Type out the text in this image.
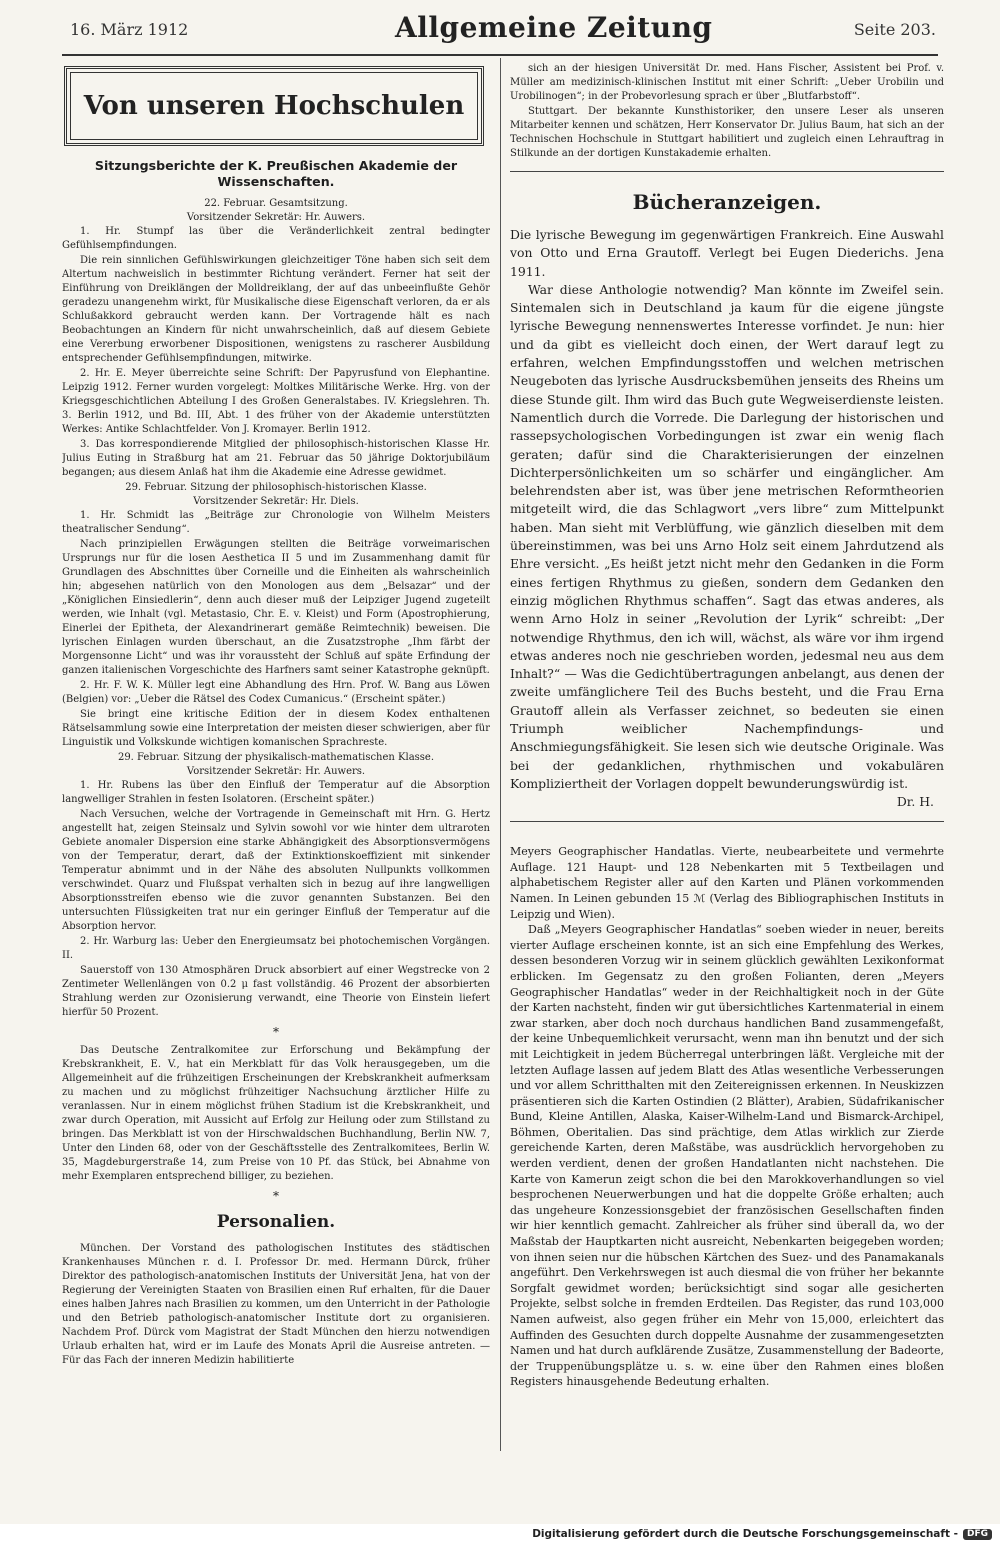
16. März 1912	Allgemeine Zeitung	Seite 203.
Von unseren Hochschulen
Sitzungsberichte der K. Preußischen Akademie der Wissenschaften.

22. Februar. Gesamtsitzung.

Vorsitzender Sekretär: Hr. Auwers.

1. Hr. Stumpf las über die Veränderlichkeit zentral bedingter Gefühlsempfindungen.

Die rein sinnlichen Gefühlswirkungen gleichzeitiger Töne haben sich seit dem Altertum nachweislich in bestimmter Richtung verändert. Ferner hat seit der Einführung von Dreiklängen der Molldreiklang, der auf das unbeeinflußte Gehör geradezu unangenehm wirkt, für Musikalische diese Eigenschaft verloren, da er als Schlußakkord gebraucht werden kann. Der Vortragende hält es nach Beobachtungen an Kindern für nicht unwahrscheinlich, daß auf diesem Gebiete eine Vererbung erworbener Dispositionen, wenigstens zu rascherer Ausbildung entsprechender Gefühlsempfindungen, mitwirke.

2. Hr. E. Meyer überreichte seine Schrift: Der Papyrusfund von Elephantine. Leipzig 1912. Ferner wurden vorgelegt: Moltkes Militärische Werke. Hrg. von der Kriegsgeschichtlichen Abteilung I des Großen Generalstabes. IV. Kriegslehren. Th. 3. Berlin 1912, und Bd. III, Abt. 1 des früher von der Akademie unterstützten Werkes: Antike Schlachtfelder. Von J. Kromayer. Berlin 1912.

3. Das korrespondierende Mitglied der philosophisch-historischen Klasse Hr. Julius Euting in Straßburg hat am 21. Februar das 50 jährige Doktorjubiläum begangen; aus diesem Anlaß hat ihm die Akademie eine Adresse gewidmet.

29. Februar. Sitzung der philosophisch-historischen Klasse.

Vorsitzender Sekretär: Hr. Diels.

1. Hr. Schmidt las „Beiträge zur Chronologie von Wilhelm Meisters theatralischer Sendung“.

Nach prinzipiellen Erwägungen stellten die Beiträge vorweimarischen Ursprungs nur für die losen Aesthetica II 5 und im Zusammenhang damit für Grundlagen des Abschnittes über Corneille und die Einheiten als wahrscheinlich hin; abgesehen natürlich von den Monologen aus dem „Belsazar“ und der „Königlichen Einsiedlerin“, denn auch dieser muß der Leipziger Jugend zugeteilt werden, wie Inhalt (vgl. Metastasio, Chr. E. v. Kleist) und Form (Apostrophierung, Einerlei der Epitheta, der Alexandrinerart gemäße Reimtechnik) beweisen. Die lyrischen Einlagen wurden überschaut, an die Zusatzstrophe „Ihm färbt der Morgensonne Licht“ und was ihr voraussteht der Schluß auf späte Erfindung der ganzen italienischen Vorgeschichte des Harfners samt seiner Katastrophe geknüpft.

2. Hr. F. W. K. Müller legt eine Abhandlung des Hrn. Prof. W. Bang aus Löwen (Belgien) vor: „Ueber die Rätsel des Codex Cumanicus.“ (Erscheint später.)

Sie bringt eine kritische Edition der in diesem Kodex enthaltenen Rätselsammlung sowie eine Interpretation der meisten dieser schwierigen, aber für Linguistik und Volkskunde wichtigen komanischen Sprachreste.

29. Februar. Sitzung der physikalisch-mathematischen Klasse.

Vorsitzender Sekretär: Hr. Auwers.

1. Hr. Rubens las über den Einfluß der Temperatur auf die Absorption langwelliger Strahlen in festen Isolatoren. (Erscheint später.)

Nach Versuchen, welche der Vortragende in Gemeinschaft mit Hrn. G. Hertz angestellt hat, zeigen Steinsalz und Sylvin sowohl vor wie hinter dem ultraroten Gebiete anomaler Dispersion eine starke Abhängigkeit des Absorptionsvermögens von der Temperatur, derart, daß der Extinktionskoeffizient mit sinkender Temperatur abnimmt und in der Nähe des absoluten Nullpunkts vollkommen verschwindet. Quarz und Flußspat verhalten sich in bezug auf ihre langwelligen Absorptionsstreifen ebenso wie die zuvor genannten Substanzen. Bei den untersuchten Flüssigkeiten trat nur ein geringer Einfluß der Temperatur auf die Absorption hervor.

2. Hr. Warburg las: Ueber den Energieumsatz bei photochemischen Vorgängen. II.

Sauerstoff von 130 Atmosphären Druck absorbiert auf einer Wegstrecke von 2 Zentimeter Wellenlängen von 0.2 μ fast vollständig. 46 Prozent der absorbierten Strahlung werden zur Ozonisierung verwandt, eine Theorie von Einstein liefert hierfür 50 Prozent.

*

Das Deutsche Zentralkomitee zur Erforschung und Bekämpfung der Krebskrankheit, E. V., hat ein Merkblatt für das Volk herausgegeben, um die Allgemeinheit auf die frühzeitigen Erscheinungen der Krebskrankheit aufmerksam zu machen und zu möglichst frühzeitiger Nachsuchung ärztlicher Hilfe zu veranlassen. Nur in einem möglichst frühen Stadium ist die Krebskrankheit, und zwar durch Operation, mit Aussicht auf Erfolg zur Heilung oder zum Stillstand zu bringen. Das Merkblatt ist von der Hirschwaldschen Buchhandlung, Berlin NW. 7, Unter den Linden 68, oder von der Geschäftsstelle des Zentralkomitees, Berlin W. 35, Magdeburgerstraße 14, zum Preise von 10 Pf. das Stück, bei Abnahme von mehr Exemplaren entsprechend billiger, zu beziehen.

*
Personalien.

München. Der Vorstand des pathologischen Institutes des städtischen Krankenhauses München r. d. I. Professor Dr. med. Hermann Dürck, früher Direktor des pathologisch-anatomischen Instituts der Universität Jena, hat von der Regierung der Vereinigten Staaten von Brasilien einen Ruf erhalten, für die Dauer eines halben Jahres nach Brasilien zu kommen, um den Unterricht in der Pathologie und den Betrieb pathologisch-anatomischer Institute dort zu organisieren. Nachdem Prof. Dürck vom Magistrat der Stadt München den hierzu notwendigen Urlaub erhalten hat, wird er im Laufe des Monats April die Ausreise antreten. — Für das Fach der inneren Medizin habilitierte

sich an der hiesigen Universität Dr. med. Hans Fischer, Assistent bei Prof. v. Müller am medizinisch-klinischen Institut mit einer Schrift: „Ueber Urobilin und Urobilinogen“; in der Probevorlesung sprach er über „Blutfarbstoff“.

Stuttgart. Der bekannte Kunsthistoriker, den unsere Leser als unseren Mitarbeiter kennen und schätzen, Herr Konservator Dr. Julius Baum, hat sich an der Technischen Hochschule in Stuttgart habilitiert und zugleich einen Lehrauftrag in Stilkunde an der dortigen Kunstakademie erhalten.

Bücheranzeigen.

Die lyrische Bewegung im gegenwärtigen Frankreich. Eine Auswahl von Otto und Erna Grautoff. Verlegt bei Eugen Diederichs. Jena 1911.

War diese Anthologie notwendig? Man könnte im Zweifel sein. Sintemalen sich in Deutschland ja kaum für die eigene jüngste lyrische Bewegung nennenswertes Interesse vorfindet. Je nun: hier und da gibt es vielleicht doch einen, der Wert darauf legt zu erfahren, welchen Empfindungsstoffen und welchen metrischen Neugeboten das lyrische Ausdrucksbemühen jenseits des Rheins um diese Stunde gilt. Ihm wird das Buch gute Wegweiserdienste leisten. Namentlich durch die Vorrede. Die Darlegung der historischen und rassepsychologischen Vorbedingungen ist zwar ein wenig flach geraten; dafür sind die Charakterisierungen der einzelnen Dichterpersönlichkeiten um so schärfer und eingänglicher. Am belehrendsten aber ist, was über jene metrischen Reformtheorien mitgeteilt wird, die das Schlagwort „vers libre“ zum Mittelpunkt haben. Man sieht mit Verblüffung, wie gänzlich dieselben mit dem übereinstimmen, was bei uns Arno Holz seit einem Jahrdutzend als Ehre versicht. „Es heißt jetzt nicht mehr den Gedanken in die Form eines fertigen Rhythmus zu gießen, sondern dem Gedanken den einzig möglichen Rhythmus schaffen“. Sagt das etwas anderes, als wenn Arno Holz in seiner „Revolution der Lyrik“ schreibt: „Der notwendige Rhythmus, den ich will, wächst, als wäre vor ihm irgend etwas anderes noch nie geschrieben worden, jedesmal neu aus dem Inhalt?“ — Was die Gedichtübertragungen anbelangt, aus denen der zweite umfänglichere Teil des Buchs besteht, und die Frau Erna Grautoff allein als Verfasser zeichnet, so bedeuten sie einen Triumph weiblicher Nachempfindungs- und Anschmiegungsfähigkeit. Sie lesen sich wie deutsche Originale. Was bei der gedanklichen, rhythmischen und vokabulären Kompliziertheit der Vorlagen doppelt bewunderungswürdig ist.

Dr. H.

Meyers Geographischer Handatlas. Vierte, neubearbeitete und vermehrte Auflage. 121 Haupt- und 128 Nebenkarten mit 5 Textbeilagen und alphabetischem Register aller auf den Karten und Plänen vorkommenden Namen. In Leinen gebunden 15 ℳ (Verlag des Bibliographischen Instituts in Leipzig und Wien).

Daß „Meyers Geographischer Handatlas“ soeben wieder in neuer, bereits vierter Auflage erscheinen konnte, ist an sich eine Empfehlung des Werkes, dessen besonderen Vorzug wir in seinem glücklich gewählten Lexikonformat erblicken. Im Gegensatz zu den großen Folianten, deren „Meyers Geographischer Handatlas“ weder in der Reichhaltigkeit noch in der Güte der Karten nachsteht, finden wir gut übersichtliches Kartenmaterial in einem zwar starken, aber doch noch durchaus handlichen Band zusammengefaßt, der keine Unbequemlichkeit verursacht, wenn man ihn benutzt und der sich mit Leichtigkeit in jedem Bücherregal unterbringen läßt. Vergleiche mit der letzten Auflage lassen auf jedem Blatt des Atlas wesentliche Verbesserungen und vor allem Schritthalten mit den Zeitereignissen erkennen. In Neuskizzen präsentieren sich die Karten Ostindien (2 Blätter), Arabien, Südafrikanischer Bund, Kleine Antillen, Alaska, Kaiser-Wilhelm-Land und Bismarck-Archipel, Böhmen, Oberitalien. Das sind prächtige, dem Atlas wirklich zur Zierde gereichende Karten, deren Maßstäbe, was ausdrücklich hervorgehoben zu werden verdient, denen der großen Handatlanten nicht nachstehen. Die Karte von Kamerun zeigt schon die bei den Marokkoverhandlungen so viel besprochenen Neuerwerbungen und hat die doppelte Größe erhalten; auch das ungeheure Konzessionsgebiet der französischen Gesellschaften finden wir hier kenntlich gemacht. Zahlreicher als früher sind überall da, wo der Maßstab der Hauptkarten nicht ausreicht, Nebenkarten beigegeben worden; von ihnen seien nur die hübschen Kärtchen des Suez- und des Panamakanals angeführt. Den Verkehrswegen ist auch diesmal die von früher her bekannte Sorgfalt gewidmet worden; berücksichtigt sind sogar alle gesicherten Projekte, selbst solche in fremden Erdteilen. Das Register, das rund 103,000 Namen aufweist, also gegen früher ein Mehr von 15,000, erleichtert das Auffinden des Gesuchten durch doppelte Ausnahme der zusammengesetzten Namen und hat durch aufklärende Zusätze, Zusammenstellung der Badeorte, der Truppenübungsplätze u. s. w. eine über den Rahmen eines bloßen Registers hinausgehende Bedeutung erhalten.

Digitalisierung gefördert durch die Deutsche Forschungsgemeinschaft - DFG
